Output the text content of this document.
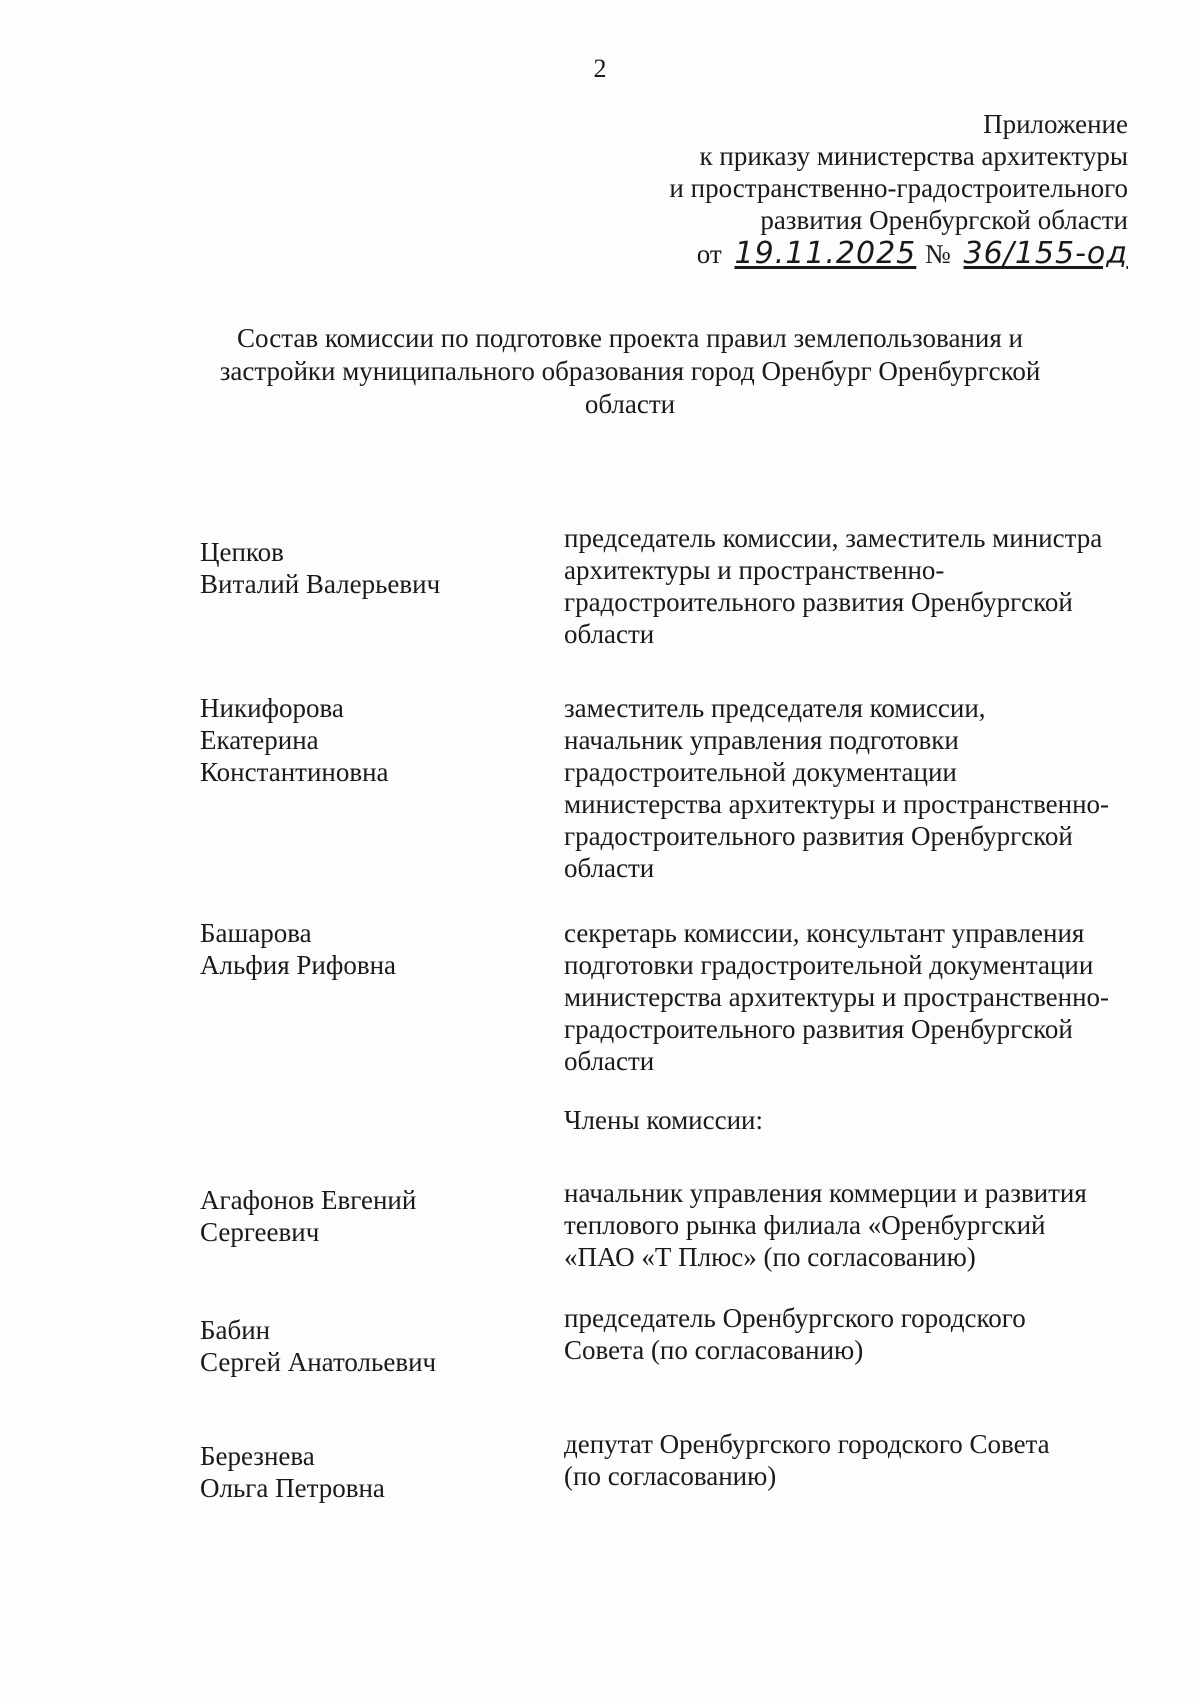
2
Приложение
к приказу министерства архитектуры
и пространственно-градостроительного
развития Оренбургской области
от 19.11.2025 № 36/155-од
Состав комиссии по подготовке проекта правил землепользования и
застройки муниципального образования город Оренбург Оренбургской
области
Цепков
Виталий Валерьевич
председатель комиссии, заместитель министра
архитектуры и пространственно-
градостроительного развития Оренбургской
области
Никифорова
Екатерина
Константиновна
заместитель председателя комиссии,
начальник управления подготовки
градостроительной документации
министерства архитектуры и пространственно-
градостроительного развития Оренбургской
области
Башарова
Альфия Рифовна
секретарь комиссии, консультант управления
подготовки градостроительной документации
министерства архитектуры и пространственно-
градостроительного развития Оренбургской
области
Члены комиссии:
Агафонов Евгений
Сергеевич
начальник управления коммерции и развития
теплового рынка филиала «Оренбургский
«ПАО «Т Плюс» (по согласованию)
Бабин
Сергей Анатольевич
председатель Оренбургского городского
Совета (по согласованию)
Березнева
Ольга Петровна
депутат Оренбургского городского Совета
(по согласованию)
